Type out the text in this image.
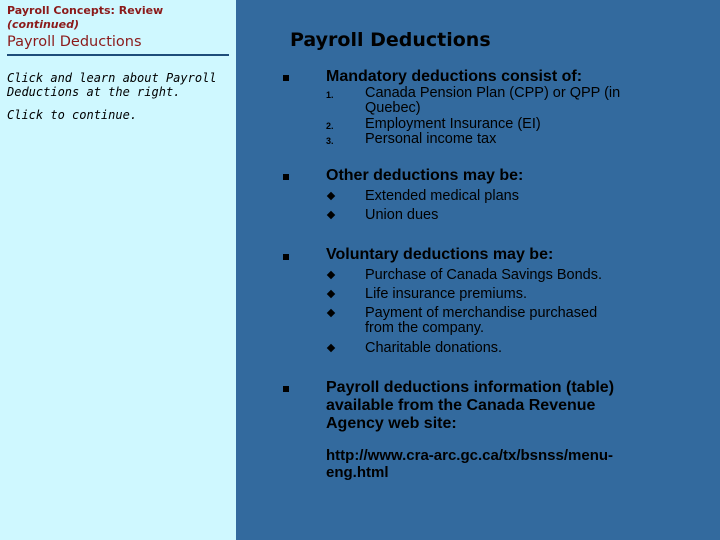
Payroll Concepts: Review
(continued)
Payroll Deductions
Click and learn about Payroll
Deductions at the right.
Click to continue.
Payroll Deductions
Mandatory deductions consist of:
1. Canada Pension Plan (CPP) or QPP (in
Quebec)
2. Employment Insurance (EI)
3. Personal income tax
Other deductions may be:
Extended medical plans
Union dues
Voluntary deductions may be:
Purchase of Canada Savings Bonds.
Life insurance premiums.
Payment of merchandise purchased
from the company.
Charitable donations.
Payroll deductions information (table)
available from the Canada Revenue
Agency web site:
http://www.cra-arc.gc.ca/tx/bsnss/menu-
eng.html
